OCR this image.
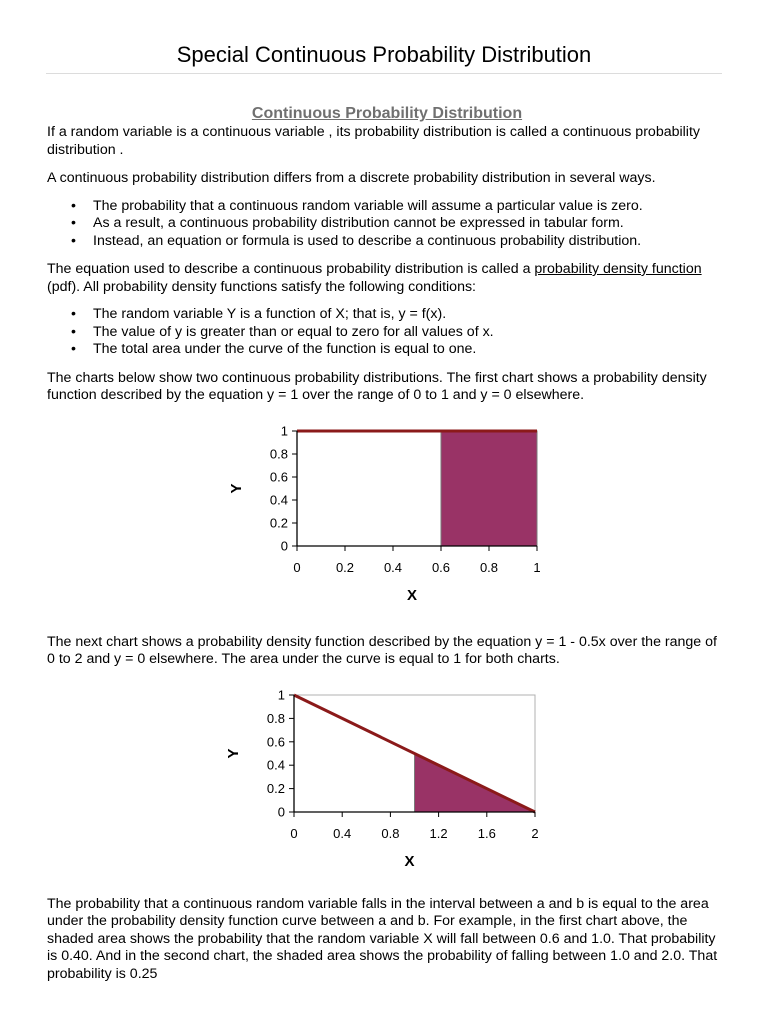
Special Continuous Probability Distribution
Continuous Probability Distribution

If a random variable is a continuous variable , its probability distribution is called a continuous probability distribution .

A continuous probability distribution differs from a discrete probability distribution in several ways.

• The probability that a continuous random variable will assume a particular value is zero.
• As a result, a continuous probability distribution cannot be expressed in tabular form.
• Instead, an equation or formula is used to describe a continuous probability distribution.

The equation used to describe a continuous probability distribution is called a probability density function (pdf). All probability density functions satisfy the following conditions:

• The random variable Y is a function of X; that is, y = f(x).
• The value of y is greater than or equal to zero for all values of x.
• The total area under the curve of the function is equal to one.

The charts below show two continuous probability distributions. The first chart shows a probability density function described by the equation y = 1 over the range of 0 to 1 and y = 0 elsewhere.

0
0.2
0.4
0.6
0.8
1
0	0.2 0.4 0.6 0.8	1
X
Y

The next chart shows a probability density function described by the equation y = 1 - 0.5x over the range of 0 to 2 and y = 0 elsewhere. The area under the curve is equal to 1 for both charts.

0
0.2
0.4
0.6
0.8
1
0	0.4 0.8 1.2 1.6	2
X
Y

The probability that a continuous random variable falls in the interval between a and b is equal to the area under the probability density function curve between a and b. For example, in the first chart above, the shaded area shows the probability that the random variable X will fall between 0.6 and 1.0. That probability is 0.40. And in the second chart, the shaded area shows the probability of falling between 1.0 and 2.0. That probability is 0.25
